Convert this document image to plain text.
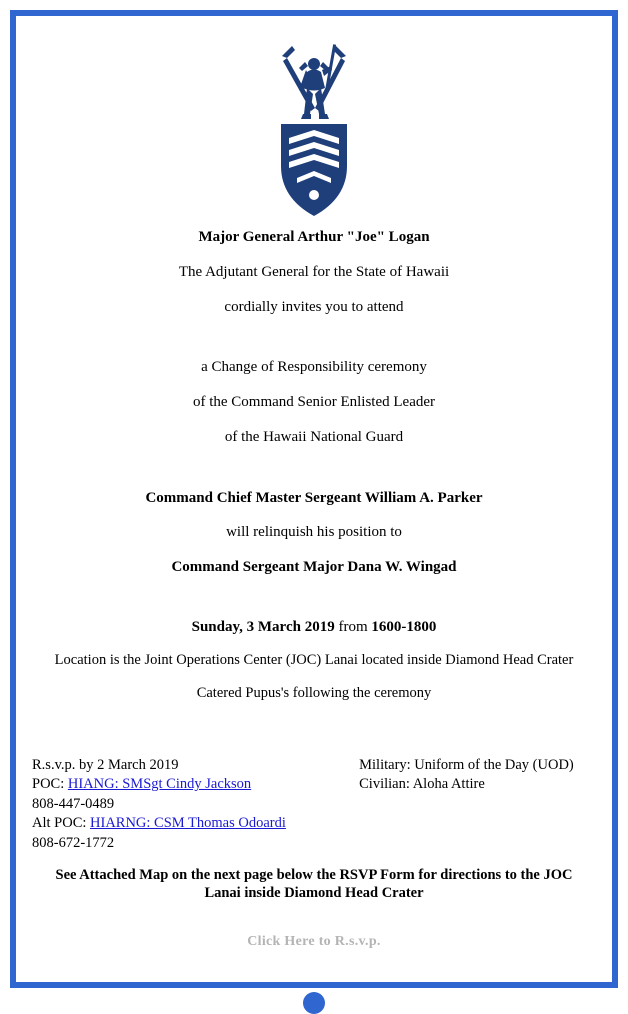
Major General Arthur "Joe" Logan
The Adjutant General for the State of Hawaii
cordially invites you to attend
a Change of Responsibility ceremony
of the Command Senior Enlisted Leader
of the Hawaii National Guard
Command Chief Master Sergeant William A. Parker
will relinquish his position to
Command Sergeant Major Dana W. Wingad
Sunday, 3 March 2019 from 1600-1800
Location is the Joint Operations Center (JOC) Lanai located inside Diamond Head Crater
Catered Pupus's following the ceremony
R.s.v.p. by 2 March 2019
POC: HIANG: SMSgt Cindy Jackson
808-447-0489
Alt POC: HIARNG: CSM Thomas Odoardi
808-672-1772
Military: Uniform of the Day (UOD)
Civilian: Aloha Attire
See Attached Map on the next page below the RSVP Form for directions to the JOC Lanai inside Diamond Head Crater
Click Here to R.s.v.p.
